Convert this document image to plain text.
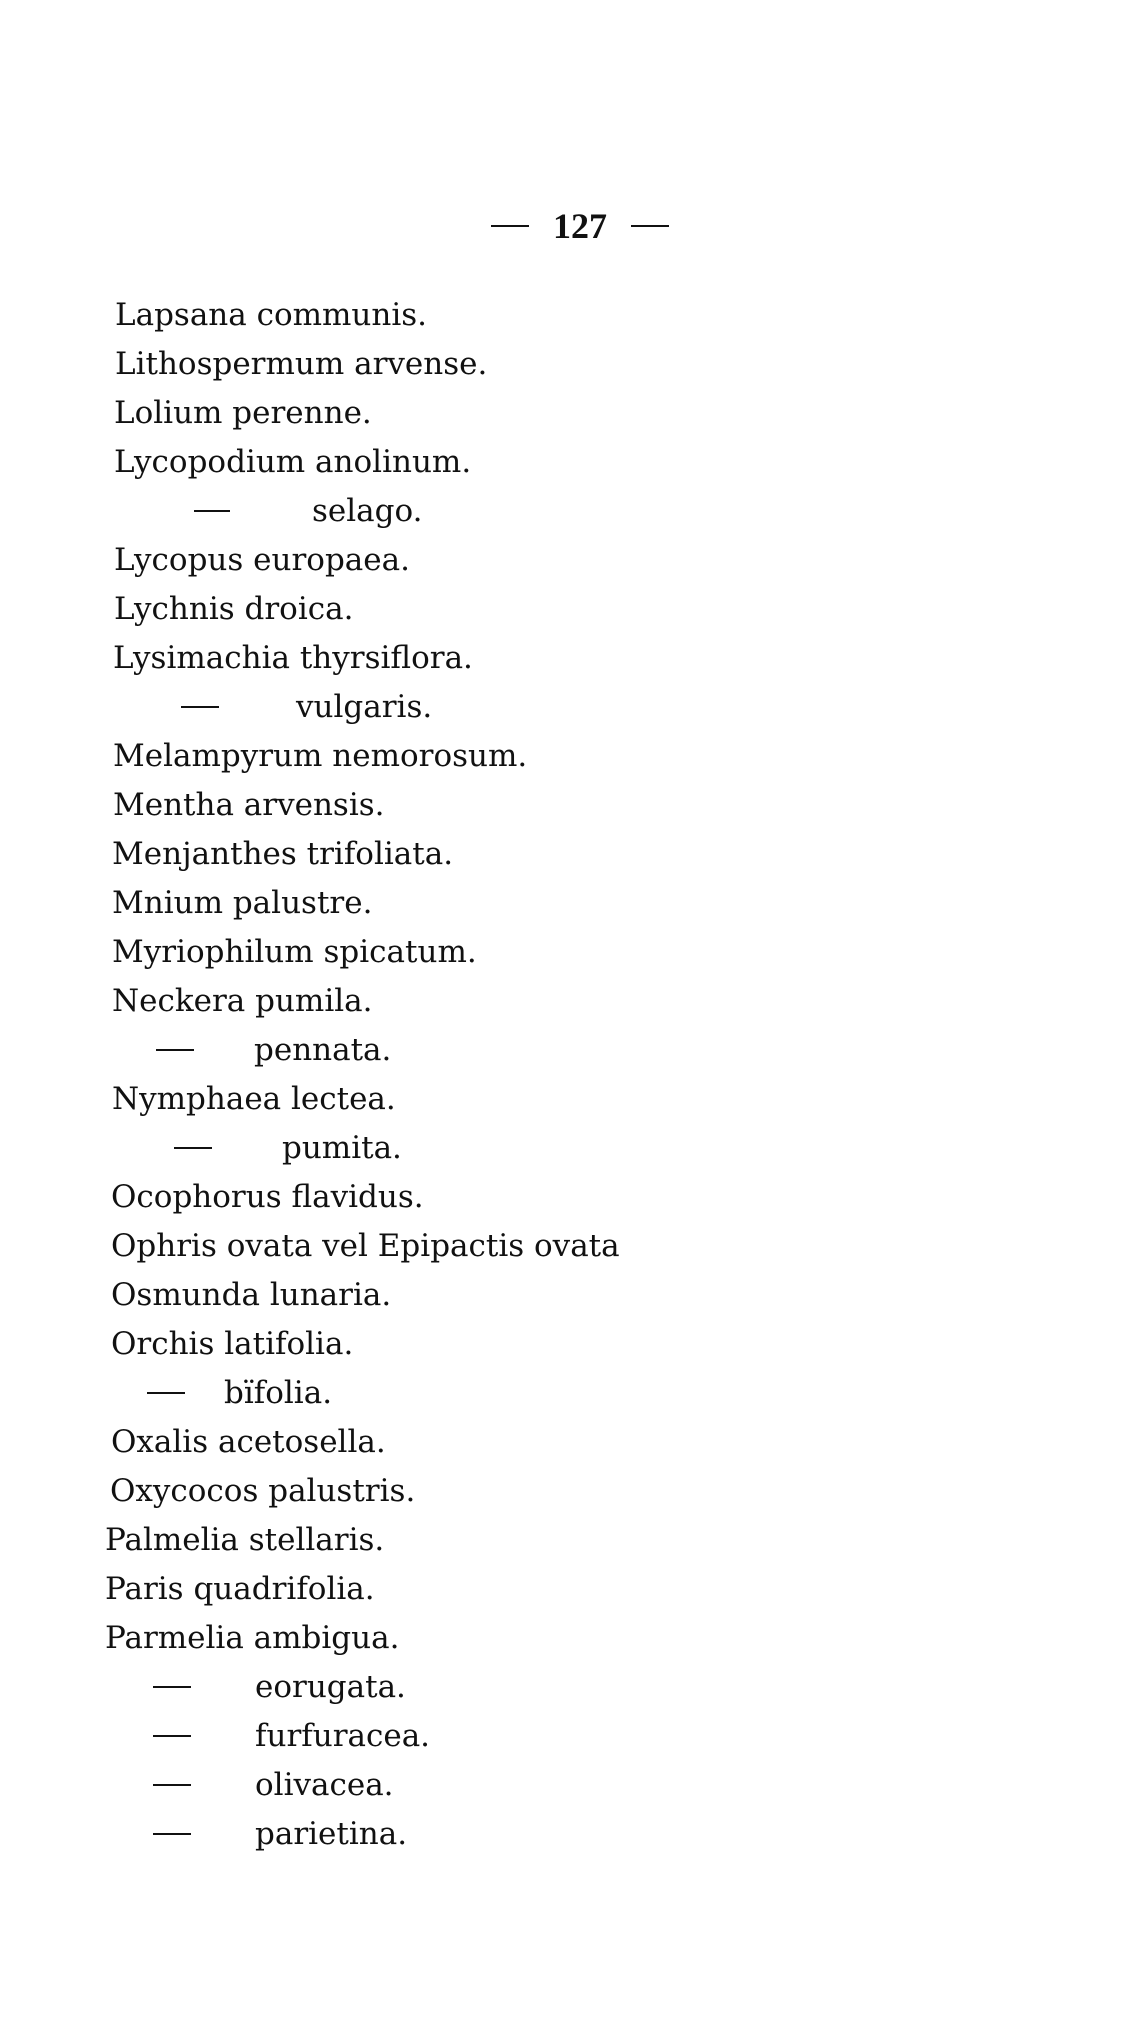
127
Lapsana communis.
Lithospermum arvense.
Lolium perenne.
Lycopodium anolinum.
selago.
Lycopus europaea.
Lychnis droica.
Lysimachia thyrsiflora.
vulgaris.
Melampyrum nemorosum.
Mentha arvensis.
Menjanthes trifoliata.
Mnium palustre.
Myriophilum spicatum.
Neckera pumila.
pennata.
Nymphaea lectea.
pumita.
Ocophorus flavidus.
Ophris ovata vel Epipactis ovata
Osmunda lunaria.
Orchis latifolia.
bïfolia.
Oxalis acetosella.
Oxycocos palustris.
Palmelia stellaris.
Paris quadrifolia.
Parmelia ambigua.
eorugata.
furfuracea.
olivacea.
parietina.
